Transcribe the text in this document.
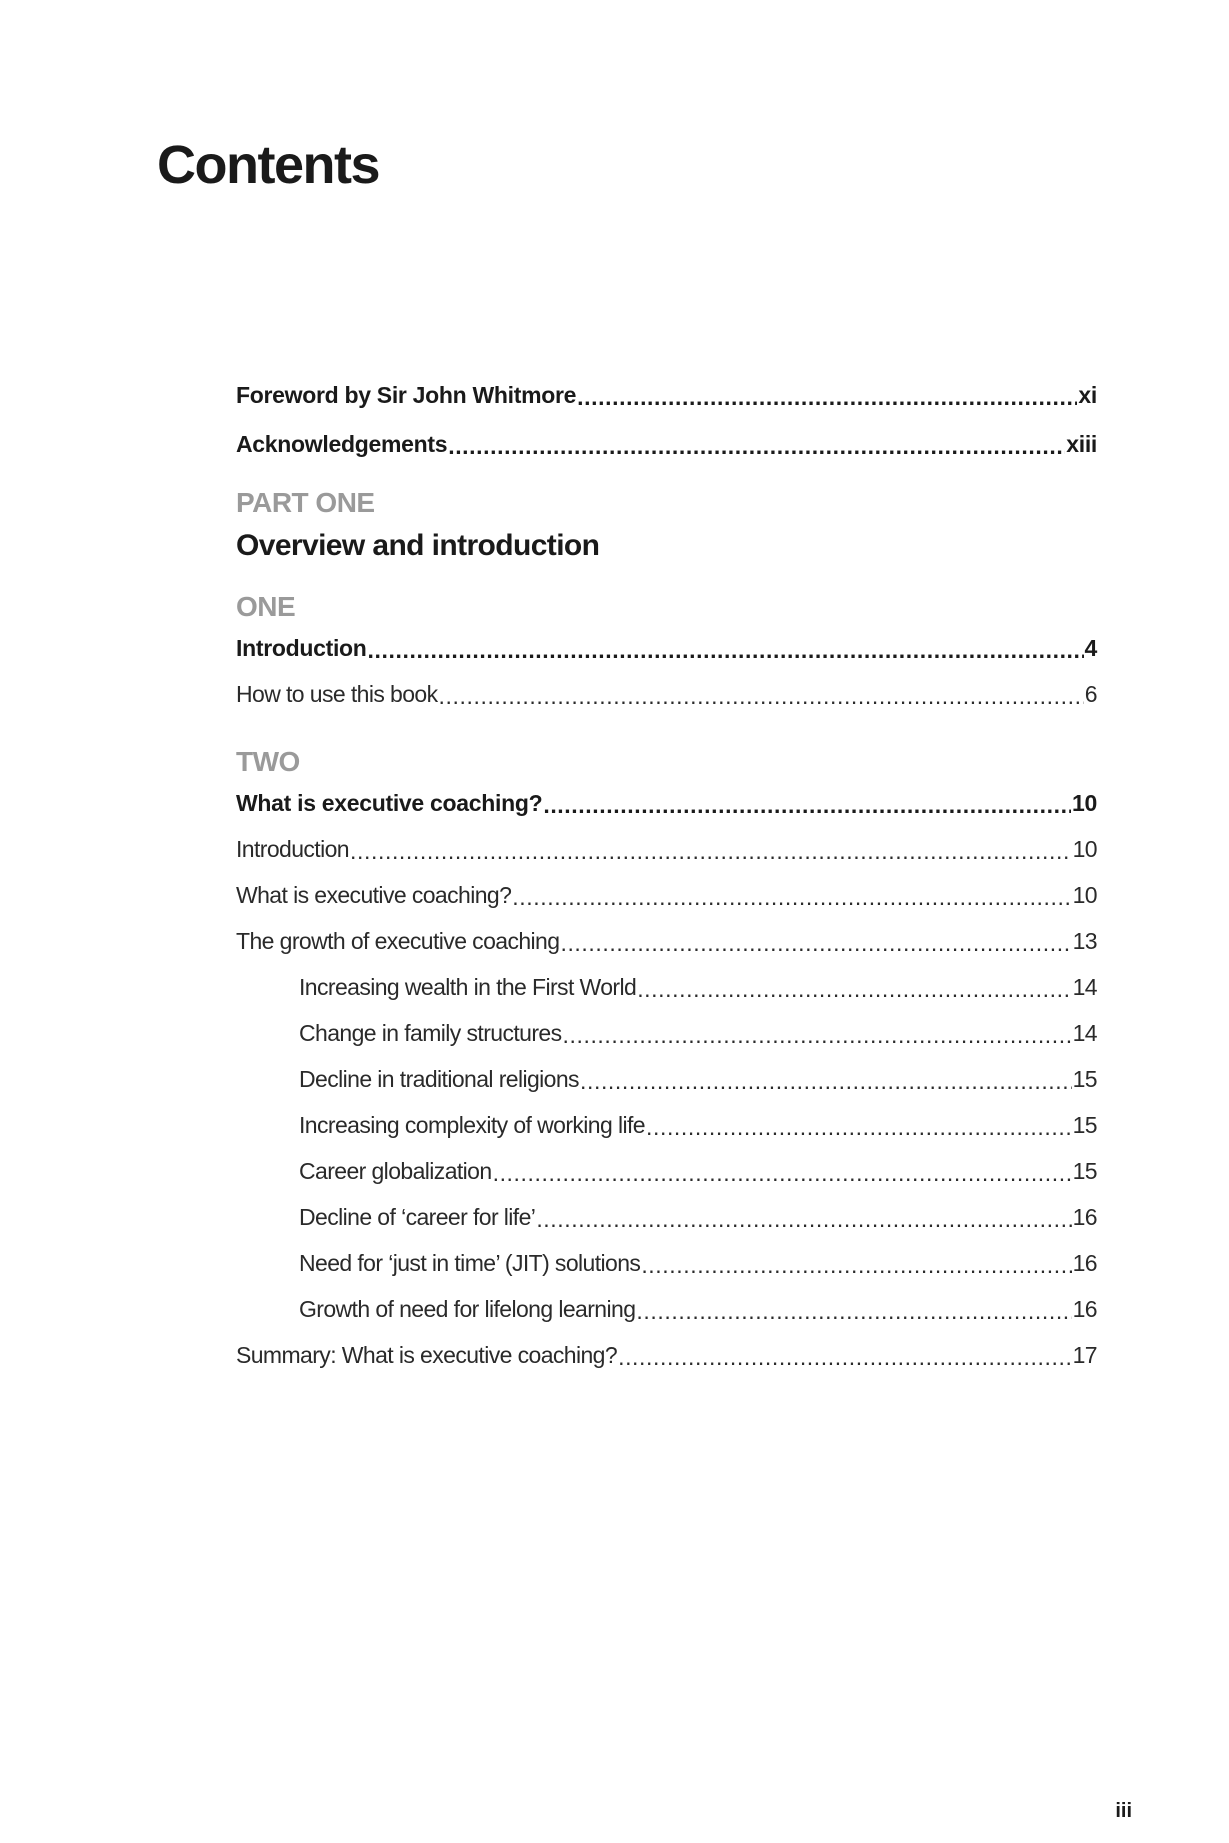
Contents
Foreword by Sir John Whitmore .....	xi
Acknowledgements .....	xiii
PART ONE
Overview and introduction
ONE
Introduction .....	4
How to use this book .....	6
TWO
What is executive coaching? .....	10
Introduction .....	10
What is executive coaching? .....	10
The growth of executive coaching .....	13
Increasing wealth in the First World .....	14
Change in family structures .....	14
Decline in traditional religions .....	15
Increasing complexity of working life .....	15
Career globalization .....	15
Decline of ‘career for life’ .....	16
Need for ‘just in time’ (JIT) solutions .....	16
Growth of need for lifelong learning .....	16
Summary: What is executive coaching? .....	17
iii
